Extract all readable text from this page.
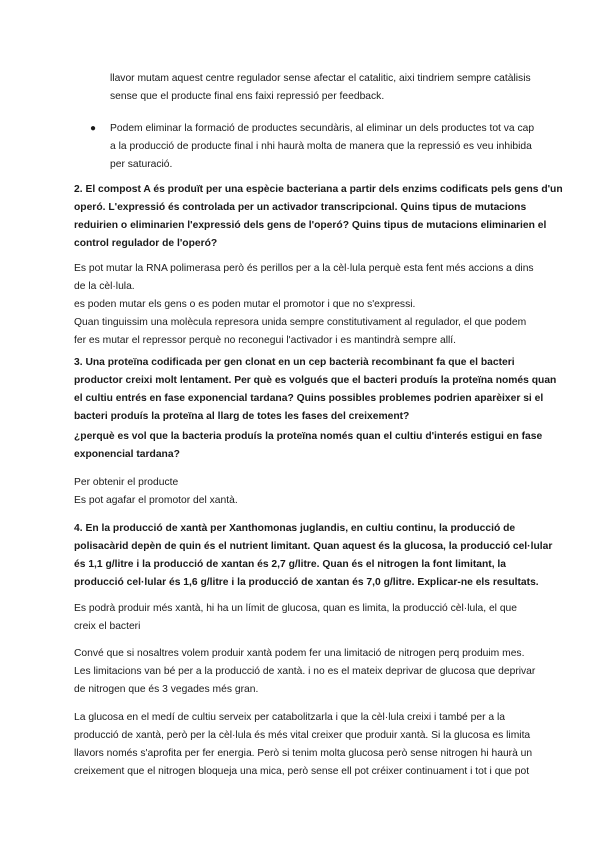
llavor mutam aquest centre regulador sense afectar el catalitic, aixi tindriem sempre catàlisis
sense que el producte final ens faixi repressió per feedback.
● Podem eliminar la formació de productes secundàris, al eliminar un dels productes tot va cap
a la producció de producte final i nhi haurà molta de manera que la repressió es veu inhibida
per saturació.
2. El compost A és produït per una espècie bacteriana a partir dels enzims codificats pels gens d'un
operó. L'expressió és controlada per un activador transcripcional. Quins tipus de mutacions
reduirien o eliminarien l'expressió dels gens de l'operó? Quins tipus de mutacions eliminarien el
control regulador de l'operó?
Es pot mutar la RNA polimerasa però és perillos per a la cèl·lula perquè esta fent més accions a dins
de la cèl·lula.
es poden mutar els gens o es poden mutar el promotor i que no s'expressi.
Quan tinguissim una molècula represora unida sempre constitutivament al regulador, el que podem
fer es mutar el repressor perquè no reconegui l'activador i es mantindrà sempre allí.
3. Una proteïna codificada per gen clonat en un cep bacterià recombinant fa que el bacteri
productor creixi molt lentament. Per què es volgués que el bacteri produís la proteïna només quan
el cultiu entrés en fase exponencial tardana? Quins possibles problemes podrien aparèixer si el
bacteri produís la proteïna al llarg de totes les fases del creixement?
¿perquè es vol que la bacteria produís la proteïna només quan el cultiu d'interés estigui en fase
exponencial tardana?
Per obtenir el producte
Es pot agafar el promotor del xantà.
4. En la producció de xantà per Xanthomonas juglandis, en cultiu continu, la producció de
polisacàrid depèn de quin és el nutrient limitant. Quan aquest és la glucosa, la producció cel·lular
és 1,1 g/litre i la producció de xantan és 2,7 g/litre. Quan és el nitrogen la font limitant, la
producció cel·lular és 1,6 g/litre i la producció de xantan és 7,0 g/litre. Explicar-ne els resultats.
Es podrà produir més xantà, hi ha un límit de glucosa, quan es limita, la producció cèl·lula, el que
creix el bacteri
Convé que si nosaltres volem produir xantà podem fer una limitació de nitrogen perq produim mes.
Les limitacions van bé per a la producció de xantà. i no es el mateix deprivar de glucosa que deprivar
de nitrogen que és 3 vegades més gran.
La glucosa en el medí de cultiu serveix per catabolitzarla i que la cèl·lula creixi i també per a la
producció de xantà, però per la cèl·lula és més vital creixer que produir xantà. Si la glucosa es limita
llavors només s'aprofita per fer energia. Però si tenim molta glucosa però sense nitrogen hi haurà un
creixement que el nitrogen bloqueja una mica, però sense ell pot créixer continuament i tot i que pot
